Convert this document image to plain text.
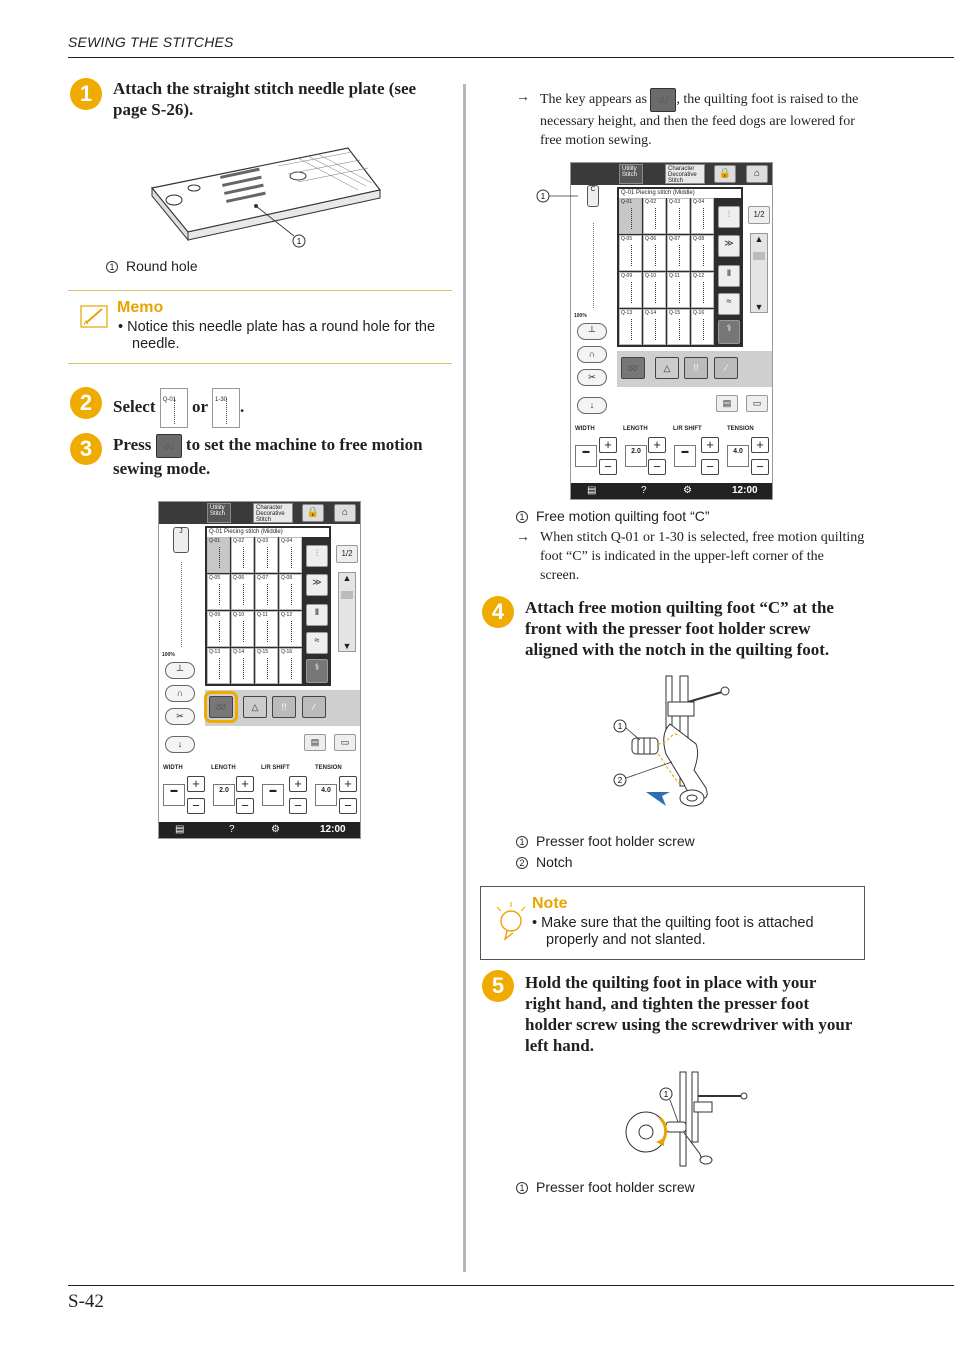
SEWING THE STITCHES
1	Attach the straight stitch needle plate (see page S-26).
1
1 Round hole
Memo
• Notice this needle plate has a round hole for the needle.
2	Select Q-01 or 1-30 .
3	Press ➿ to set the machine to free motion sewing mode.
Utility Stitch
Character Decorative Stitch
🔒	⌂
J
100%
Q-01 Piecing stitch (Middle)
⫶
≫
Ⅱ
≈
⚕
1/2
▲
▼
┴
∩
✂
↓
➿	△	!!	∕
▤	▭
WIDTH	LENGTH	L/R SHIFT	TENSION
▬	+
−
2.0 +
−
▬	+
−
4.0	+
−
▤	?	⚙	12:00
Q-01	Q-02	Q-03	Q-04
Q-05	Q-06	Q-07	Q-08
Q-09	Q-10	Q-11	Q-12
Q-13	Q-14	Q-15	Q-16
→ The key appears as ➿ , the quilting foot is raised to the necessary height, and then the feed dogs are lowered for free motion sewing.
Utility Stitch
Character Decorative Stitch
🔒	⌂
C
100%
Q-01 Piecing stitch (Middle)
⫶
≫
Ⅱ
≈
⚕
1/2
▲
▼
┴
∩
✂
↓
➿	△	!!	∕
▤	▭
WIDTH	LENGTH	L/R SHIFT	TENSION
▬	+
−
2.0 +
−
▬	+
−
4.0	+
−
▤	?	⚙	12:00
Q-01	Q-02	Q-03	Q-04
Q-05	Q-06	Q-07	Q-08
Q-09	Q-10	Q-11	Q-12
Q-13	Q-14	Q-15	Q-16
1
1 Free motion quilting foot “C”
→ When stitch Q-01 or 1-30 is selected, free motion quilting foot “C” is indicated in the upper-left corner of the screen.
4	Attach free motion quilting foot “C” at the front with the presser foot holder screw aligned with the notch in the quilting foot.
1
2
1 Presser foot holder screw
2 Notch
Note
• Make sure that the quilting foot is attached properly and not slanted.
5	Hold the quilting foot in place with your right hand, and tighten the presser foot holder screw using the screwdriver with your left hand.
1
1 Presser foot holder screw
S-42
